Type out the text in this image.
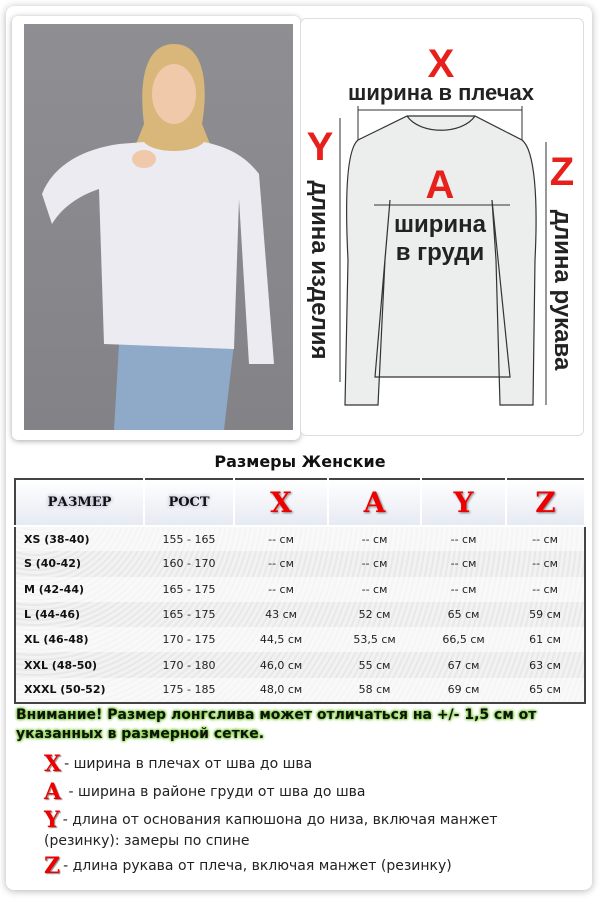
X
ширина в плечах
A
ширина
в груди
Y
длина изделия
Z
длина рукава
Размеры Женские
РАЗМЕР	РОСТ	X	A	Y	Z
XS (38-40)	155 - 165	-- см	-- см	-- см	-- см
S (40-42)	160 - 170	-- см	-- см	-- см	-- см
M (42-44)	165 - 175	-- см	-- см	-- см	-- см
L (44-46)	165 - 175	43 см	52 см	65 см	59 см
XL (46-48)	170 - 175	44,5 см	53,5 см	66,5 см	61 см
XXL (48-50)	170 - 180	46,0 см	55 см	67 см	63 см
XXXL (50-52)	175 - 185	48,0 см	58 см	69 см	65 см
Внимание! Размер лонгслива может отличаться на +/- 1,5 см от указанных в размерной сетке.
X - ширина в плечах от шва до шва
A - ширина в районе груди от шва до шва
Y - длина от основания капюшона до низа, включая манжет (резинку): замеры по спине
Z - длина рукава от плеча, включая манжет (резинку)
